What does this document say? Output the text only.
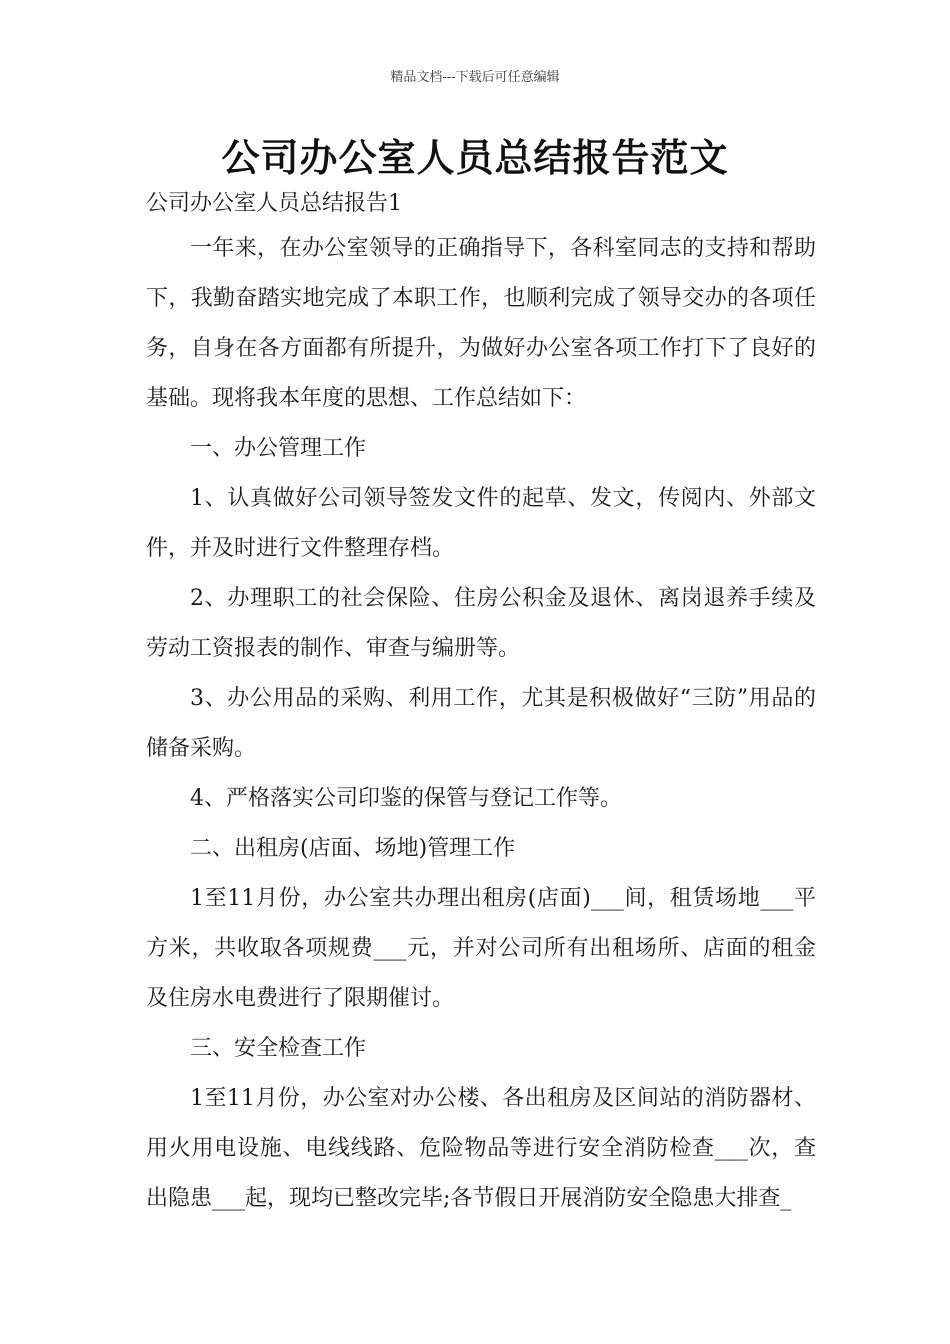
精品文档---下载后可任意编辑
公司办公室人员总结报告范文
公司办公室人员总结报告1

一年来，在办公室领导的正确指导下，各科室同志的支持和帮助下，我勤奋踏实地完成了本职工作，也顺利完成了领导交办的各项任务，自身在各方面都有所提升，为做好办公室各项工作打下了良好的基础。现将我本年度的思想、工作总结如下：

一、办公管理工作

1、认真做好公司领导签发文件的起草、发文，传阅内、外部文件，并及时进行文件整理存档。

2、办理职工的社会保险、住房公积金及退休、离岗退养手续及劳动工资报表的制作、审查与编册等。

3、办公用品的采购、利用工作，尤其是积极做好“三防”用品的储备采购。

4、严格落实公司印鉴的保管与登记工作等。

二、出租房(店面、场地)管理工作

1至11月份，办公室共办理出租房(店面)___间，租赁场地___平方米，共收取各项规费___元，并对公司所有出租场所、店面的租金及住房水电费进行了限期催讨。

三、安全检查工作

1至11月份，办公室对办公楼、各出租房及区间站的消防器材、用火用电设施、电线线路、危险物品等进行安全消防检查___次，查出隐患___起，现均已整改完毕;各节假日开展消防安全隐患大排查_
